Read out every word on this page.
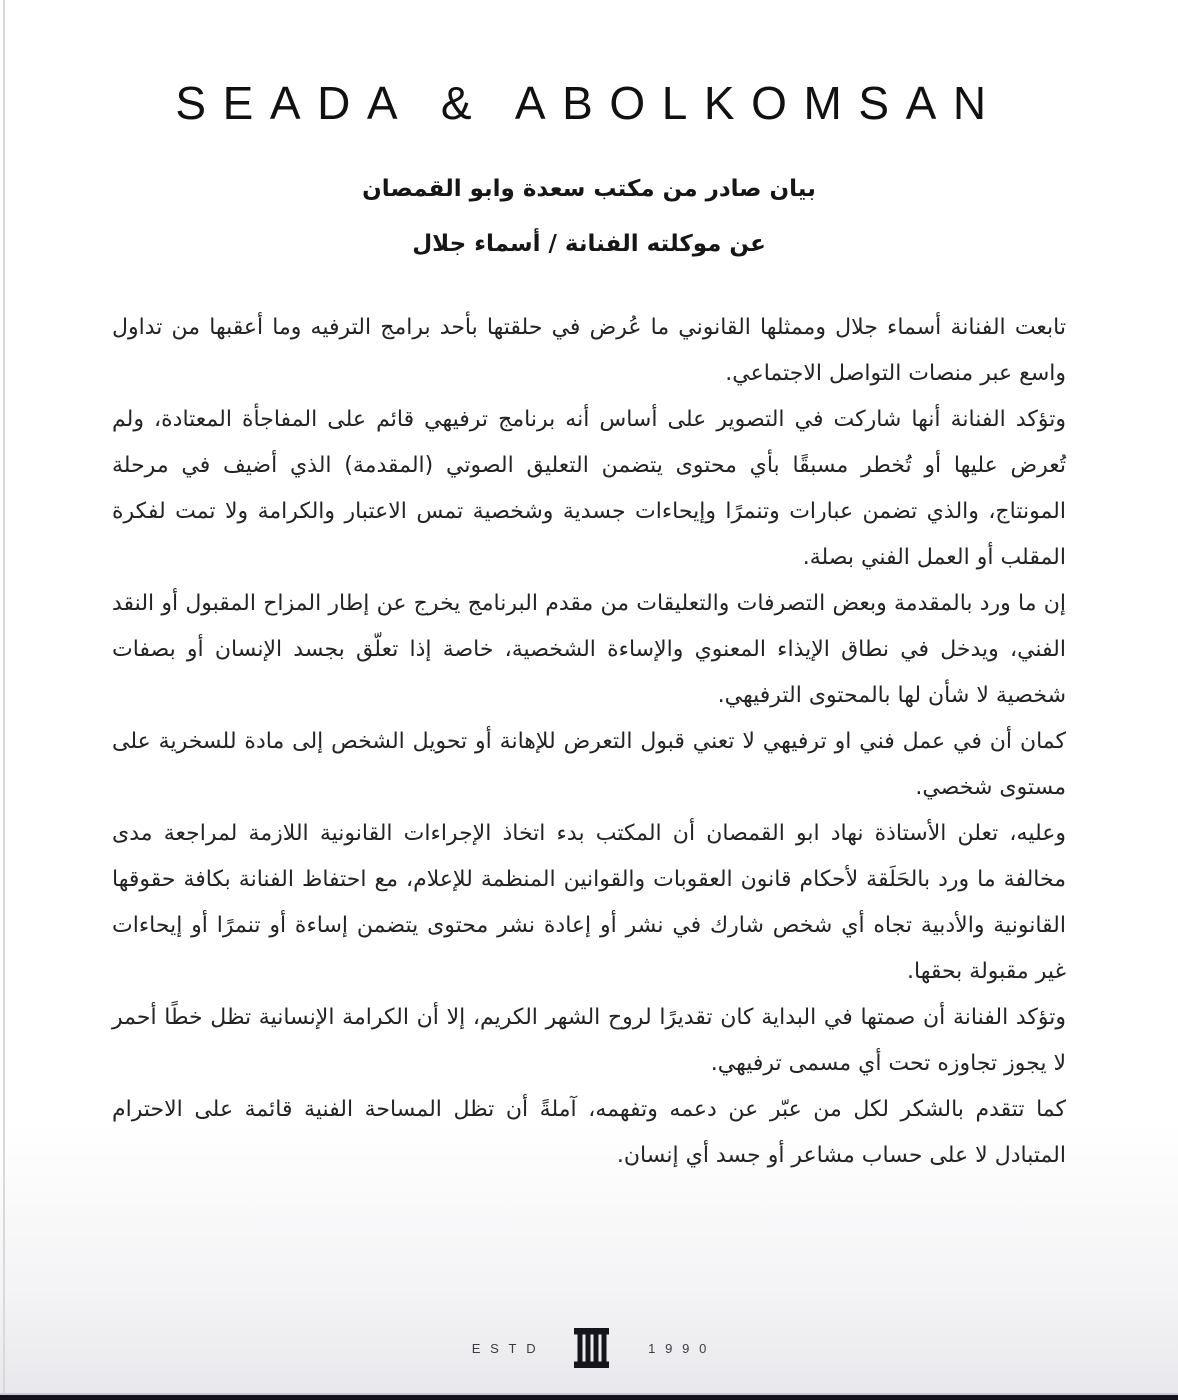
SEADA & ABOLKOMSAN
بيان صادر من مكتب سعدة وابو القمصان
عن موكلته الفنانة / أسماء جلال

تابعت الفنانة أسماء جلال وممثلها القانوني ما عُرض في حلقتها بأحد برامج الترفيه وما أعقبها من تداول واسع عبر منصات التواصل الاجتماعي.

وتؤكد الفنانة أنها شاركت في التصوير على أساس أنه برنامج ترفيهي قائم على المفاجأة المعتادة، ولم تُعرض عليها أو تُخطر مسبقًا بأي محتوى يتضمن التعليق الصوتي (المقدمة) الذي أضيف في مرحلة المونتاج، والذي تضمن عبارات وتنمرًا وإيحاءات جسدية وشخصية تمس الاعتبار والكرامة ولا تمت لفكرة المقلب أو العمل الفني بصلة.

إن ما ورد بالمقدمة وبعض التصرفات والتعليقات من مقدم البرنامج يخرج عن إطار المزاح المقبول أو النقد الفني، ويدخل في نطاق الإيذاء المعنوي والإساءة الشخصية، خاصة إذا تعلّق بجسد الإنسان أو بصفات شخصية لا شأن لها بالمحتوى الترفيهي.

كمان أن في عمل فني او ترفيهي لا تعني قبول التعرض للإهانة أو تحويل الشخص إلى مادة للسخرية على مستوى شخصي.

وعليه، تعلن الأستاذة نهاد ابو القمصان أن المكتب بدء اتخاذ الإجراءات القانونية اللازمة لمراجعة مدى مخالفة ما ورد بالحَلَقة لأحكام قانون العقوبات والقوانين المنظمة للإعلام، مع احتفاظ الفنانة بكافة حقوقها القانونية والأدبية تجاه أي شخص شارك في نشر أو إعادة نشر محتوى يتضمن إساءة أو تنمرًا أو إيحاءات غير مقبولة بحقها.

وتؤكد الفنانة أن صمتها في البداية كان تقديرًا لروح الشهر الكريم، إلا أن الكرامة الإنسانية تظل خطًا أحمر لا يجوز تجاوزه تحت أي مسمى ترفيهي.

كما تتقدم بالشكر لكل من عبّر عن دعمه وتفهمه، آملةً أن تظل المساحة الفنية قائمة على الاحترام المتبادل لا على حساب مشاعر أو جسد أي إنسان.

ESTD	1990
